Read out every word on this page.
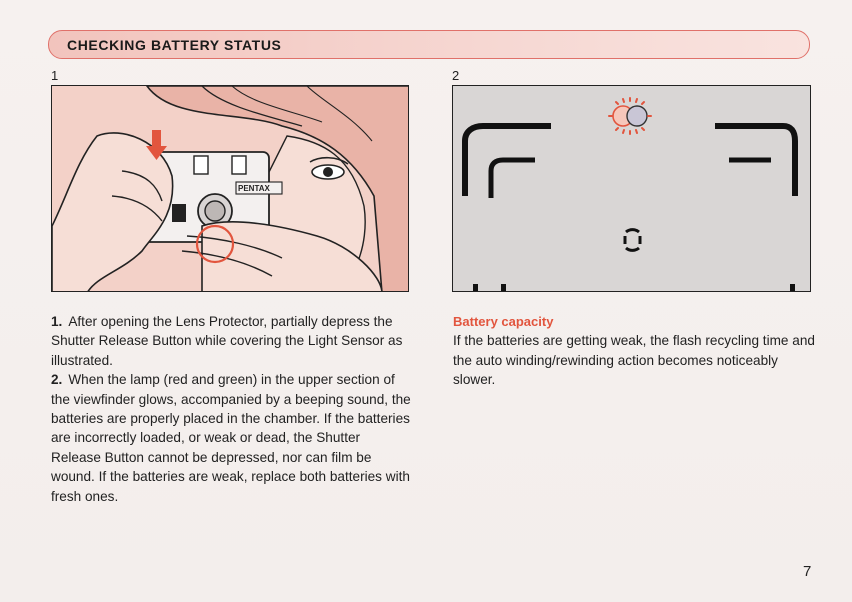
CHECKING BATTERY STATUS
1	2
PENTAX

1. After opening the Lens Protector, partially depress the Shutter Release Button while covering the Light Sensor as illustrated.

2. When the lamp (red and green) in the upper section of the viewfinder glows, accompanied by a beeping sound, the batteries are properly placed in the chamber. If the batteries are incorrectly loaded, or weak or dead, the Shutter Release Button cannot be depressed, nor can film be wound. If the batteries are weak, replace both batteries with fresh ones.

Battery capacity

If the batteries are getting weak, the flash recycling time and the auto winding/rewinding action becomes noticeably slower.

7
